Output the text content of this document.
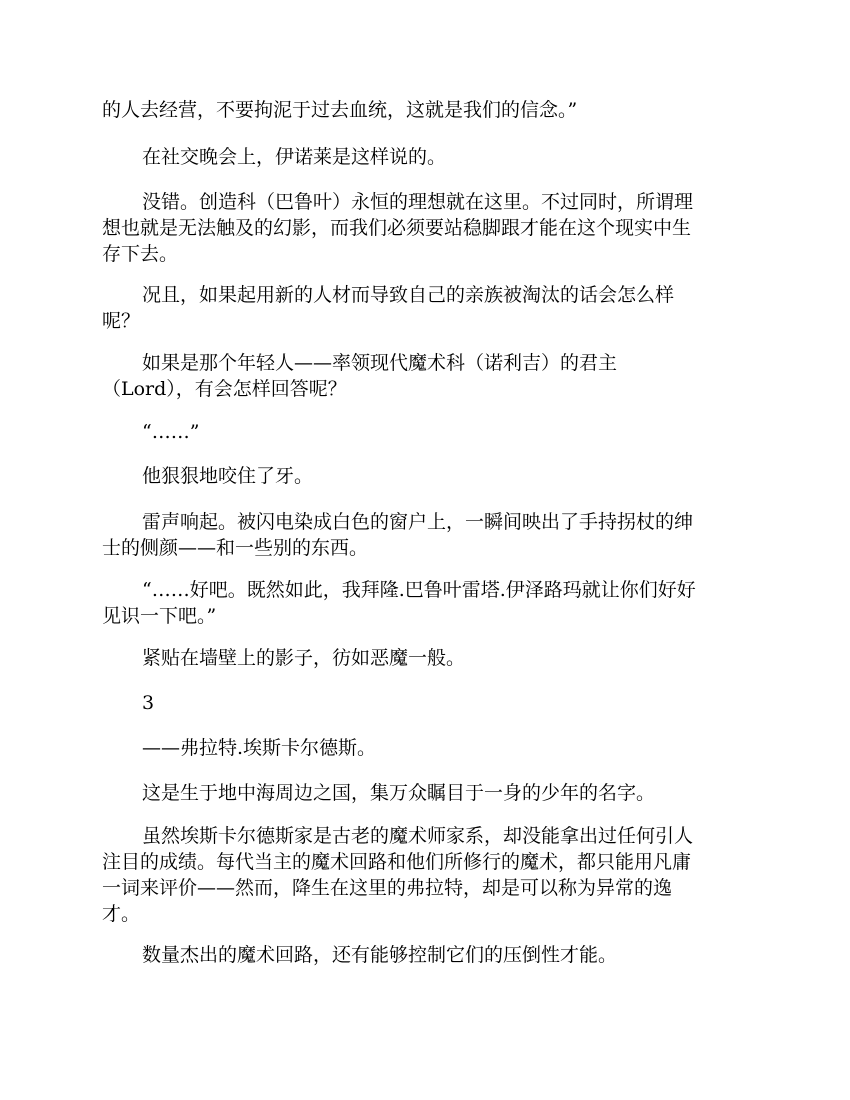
的人去经营，不要拘泥于过去血统，这就是我们的信念。”
在社交晚会上，伊诺莱是这样说的。
没错。创造科（巴鲁叶）永恒的理想就在这里。不过同时，所谓理
想也就是无法触及的幻影，而我们必须要站稳脚跟才能在这个现实中生
存下去。
况且，如果起用新的人材而导致自己的亲族被淘汰的话会怎么样
呢？
如果是那个年轻人——率领现代魔术科（诺利吉）的君主
（Lord），有会怎样回答呢？
“……”
他狠狠地咬住了牙。
雷声响起。被闪电染成白色的窗户上，一瞬间映出了手持拐杖的绅
士的侧颜——和一些别的东西。
“……好吧。既然如此，我拜隆.巴鲁叶雷塔.伊泽路玛就让你们好好
见识一下吧。”
紧贴在墙壁上的影子，彷如恶魔一般。
3
——弗拉特.埃斯卡尔德斯。
这是生于地中海周边之国，集万众瞩目于一身的少年的名字。
虽然埃斯卡尔德斯家是古老的魔术师家系，却没能拿出过任何引人
注目的成绩。每代当主的魔术回路和他们所修行的魔术，都只能用凡庸
一词来评价——然而，降生在这里的弗拉特，却是可以称为异常的逸
才。
数量杰出的魔术回路，还有能够控制它们的压倒性才能。
